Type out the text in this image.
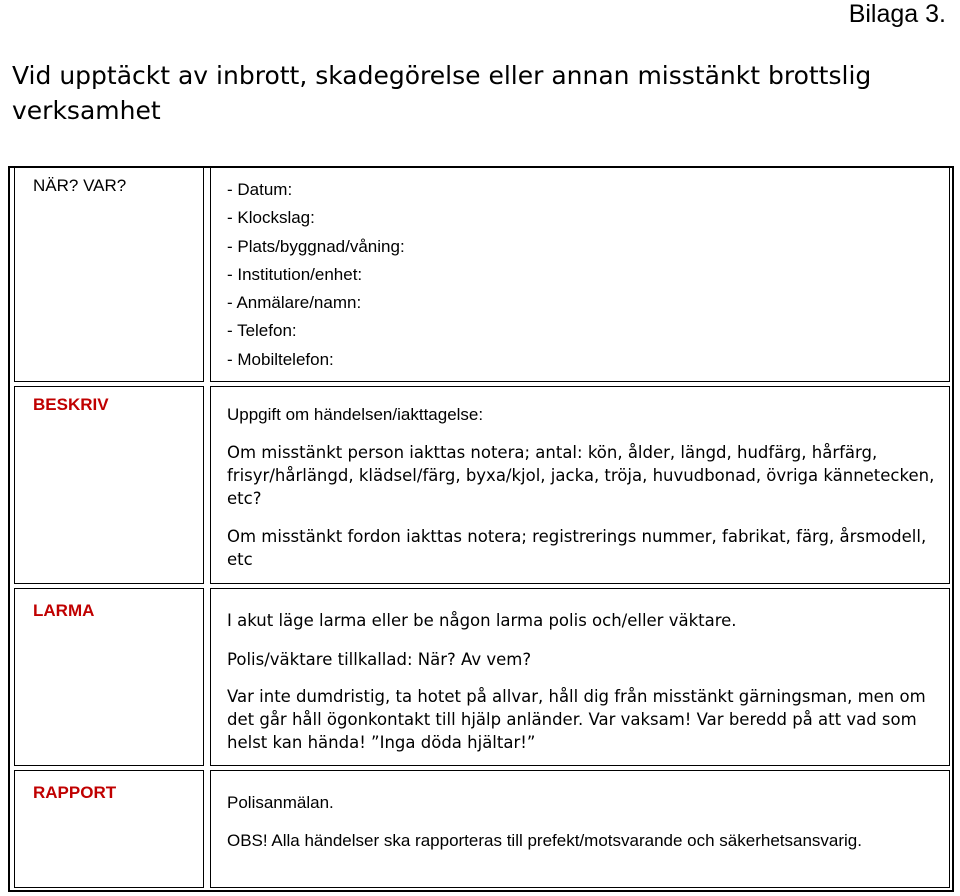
Bilaga 3.
Vid upptäckt av inbrott, skadegörelse eller annan misstänkt brottslig verksamhet
NÄR? VAR?	- Datum:
- Klockslag:
- Plats/byggnad/våning:
- Institution/enhet:
- Anmälare/namn:
- Telefon:
- Mobiltelefon:
BESKRIV

Uppgift om händelsen/iakttagelse:

Om misstänkt person iakttas notera; antal: kön, ålder, längd, hudfärg, hårfärg, frisyr/hårlängd, klädsel/färg, byxa/kjol, jacka, tröja, huvudbonad, övriga kännetecken, etc?

Om misstänkt fordon iakttas notera; registrerings nummer, fabrikat, färg, årsmodell, etc

LARMA

I akut läge larma eller be någon larma polis och/eller väktare.

Polis/väktare tillkallad: När? Av vem?

Var inte dumdristig, ta hotet på allvar, håll dig från misstänkt gärningsman, men om det går håll ögonkontakt till hjälp anländer. Var vaksam! Var beredd på att vad som helst kan hända! ”Inga döda hjältar!”

RAPPORT

Polisanmälan.

OBS! Alla händelser ska rapporteras till prefekt/motsvarande och säkerhetsansvarig.
